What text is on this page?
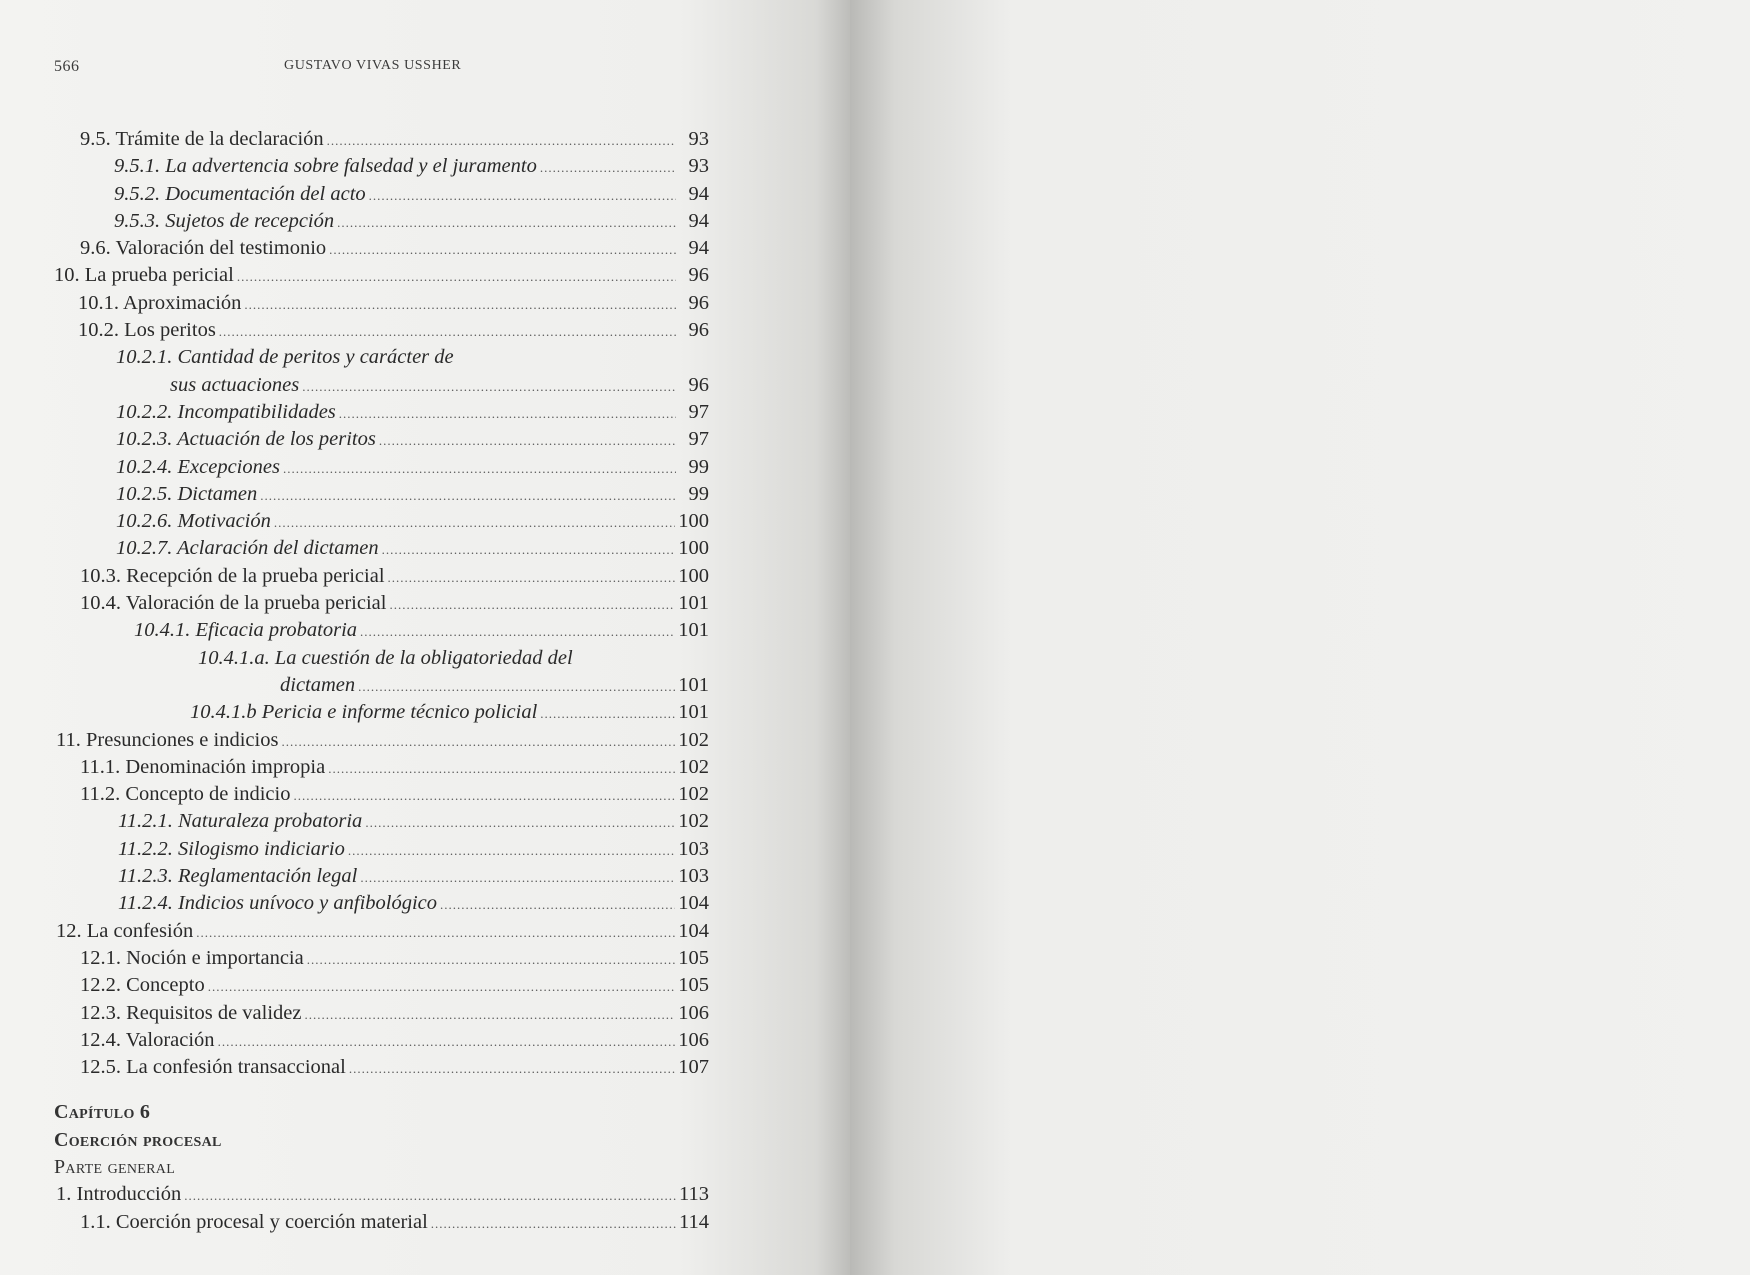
566	GUSTAVO VIVAS USSHER
9.5. Trámite de la declaración .....	93
9.5.1. La advertencia sobre falsedad y el juramento .....	93
9.5.2. Documentación del acto .....	94
9.5.3. Sujetos de recepción .....	94
9.6. Valoración del testimonio .....	94
10. La prueba pericial .....	96
10.1. Aproximación .....	96
10.2. Los peritos .....	96
10.2.1. Cantidad de peritos y carácter de
sus actuaciones .....	96
10.2.2. Incompatibilidades .....	97
10.2.3. Actuación de los peritos .....	97
10.2.4. Excepciones .....	99
10.2.5. Dictamen .....	99
10.2.6. Motivación .....	100
10.2.7. Aclaración del dictamen .....	100
10.3. Recepción de la prueba pericial .....	100
10.4. Valoración de la prueba pericial .....	101
10.4.1. Eficacia probatoria .....	101
10.4.1.a. La cuestión de la obligatoriedad del
dictamen .....	101
10.4.1.b Pericia e informe técnico policial .....	101
11. Presunciones e indicios .....	102
11.1. Denominación impropia .....	102
11.2. Concepto de indicio .....	102
11.2.1. Naturaleza probatoria .....	102
11.2.2. Silogismo indiciario .....	103
11.2.3. Reglamentación legal .....	103
11.2.4. Indicios unívoco y anfibológico .....	104
12. La confesión .....	104
12.1. Noción e importancia .....	105
12.2. Concepto .....	105
12.3. Requisitos de validez .....	106
12.4. Valoración .....	106
12.5. La confesión transaccional .....	107
Capítulo 6
Coerción procesal
Parte general
1. Introducción .....	113
1.1. Coerción procesal y coerción material .....	114
